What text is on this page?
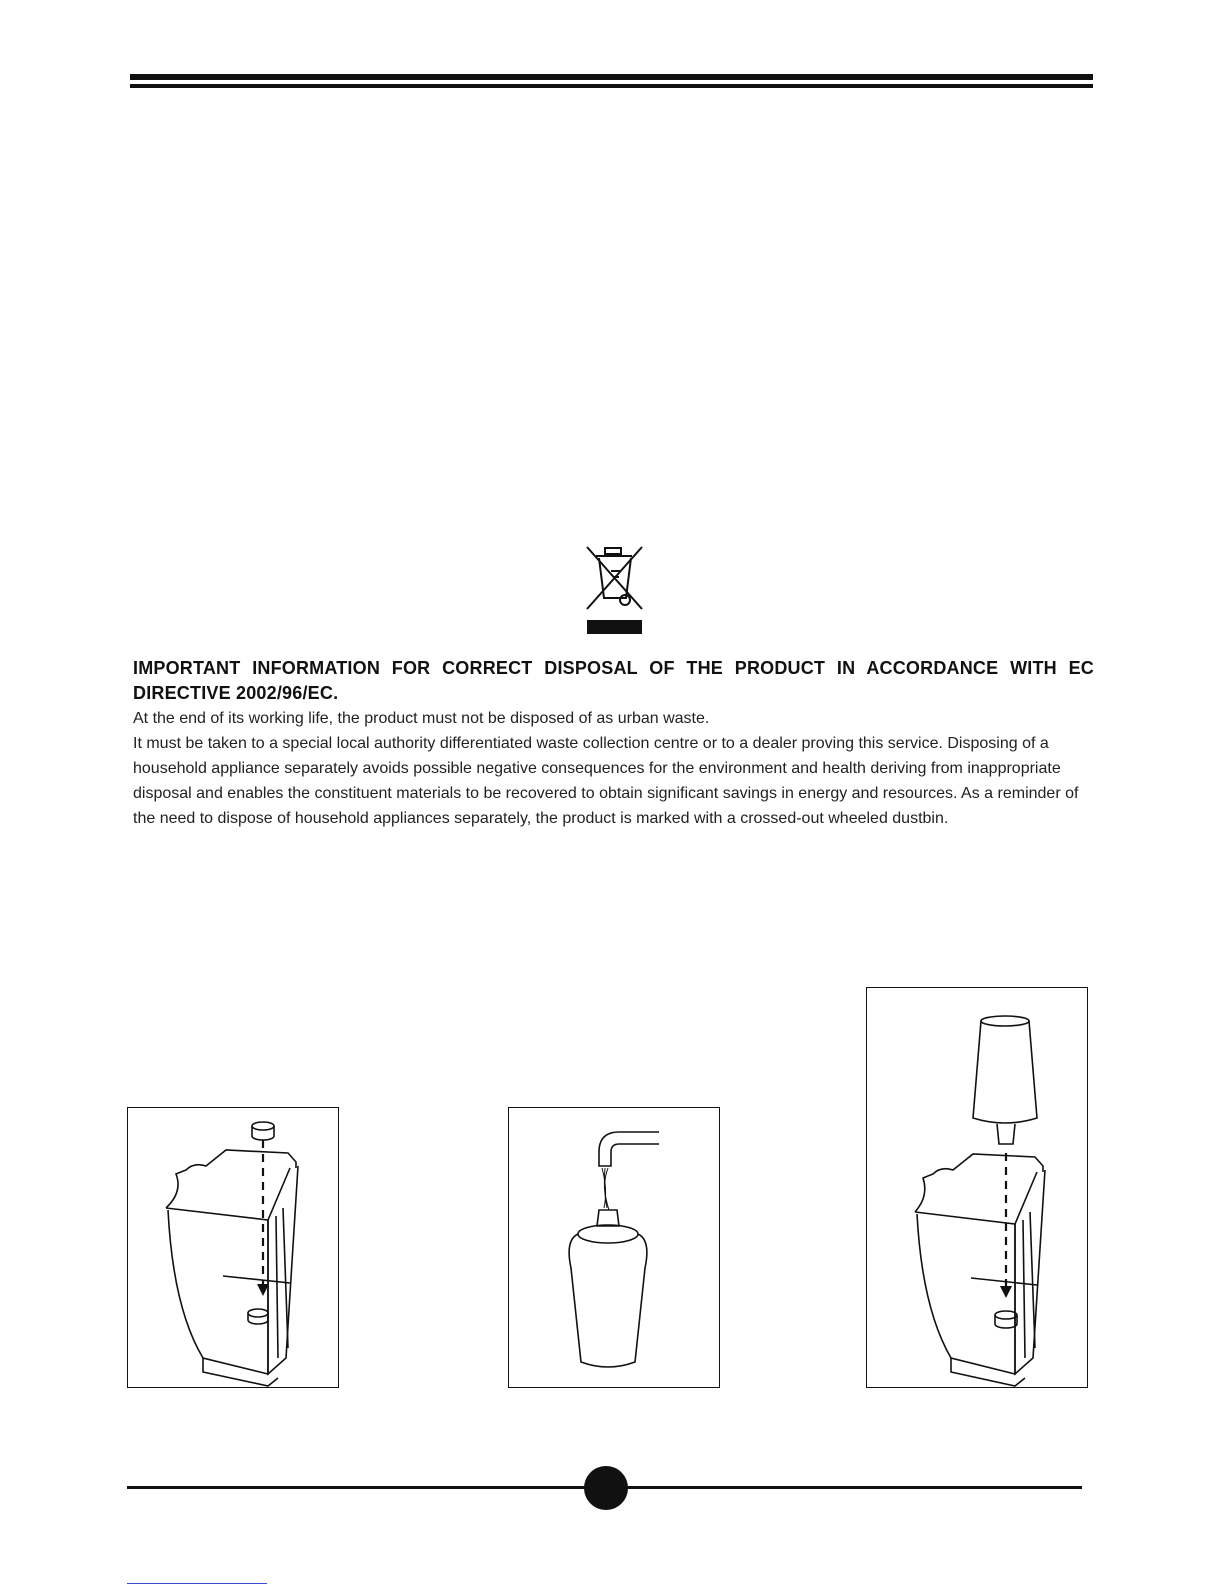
IMPORTANT INFORMATION FOR CORRECT DISPOSAL OF THE PRODUCT IN ACCORDANCE WITH EC DIRECTIVE 2002/96/EC.

At the end of its working life, the product must not be disposed of as urban waste.

It must be taken to a special local authority differentiated waste collection centre or to a dealer proving this service. Disposing of a household appliance separately avoids possible negative consequences for the environment and health deriving from inappropriate disposal and enables the constituent materials to be recovered to obtain significant savings in energy and resources. As a reminder of the need to dispose of household appliances separately, the product is marked with a crossed-out wheeled dustbin.
